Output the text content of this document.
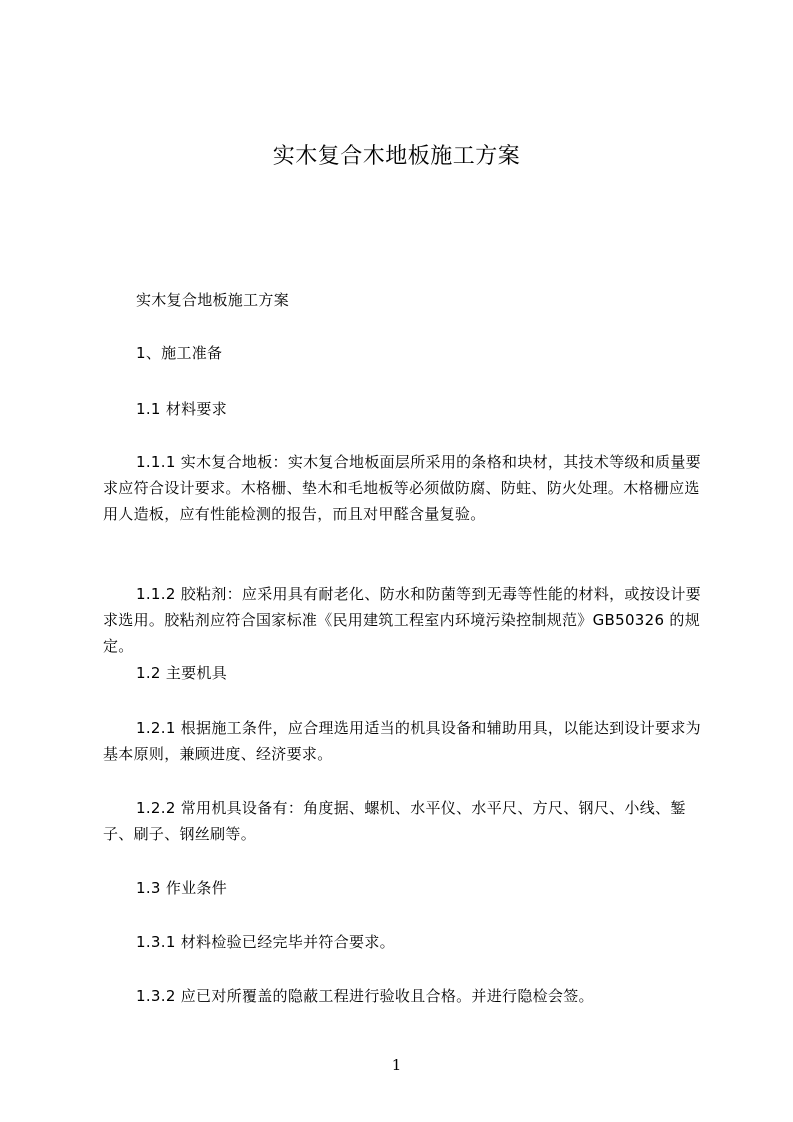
实木复合木地板施工方案
实木复合地板施工方案
1、施工准备
1.1 材料要求
1.1.1 实木复合地板：实木复合地板面层所采用的条格和块材，其技术等级和质量要求应符合设计要求。木格栅、垫木和毛地板等必须做防腐、防蛀、防火处理。木格栅应选用人造板，应有性能检测的报告，而且对甲醛含量复验。
1.1.2 胶粘剂：应采用具有耐老化、防水和防菌等到无毒等性能的材料，或按设计要求选用。胶粘剂应符合国家标准《民用建筑工程室内环境污染控制规范》GB50326 的规定。
1.2 主要机具
1.2.1 根据施工条件，应合理选用适当的机具设备和辅助用具，以能达到设计要求为基本原则，兼顾进度、经济要求。
1.2.2 常用机具设备有：角度据、螺机、水平仪、水平尺、方尺、钢尺、小线、錾子、刷子、钢丝刷等。
1.3 作业条件
1.3.1 材料检验已经完毕并符合要求。
1.3.2 应已对所覆盖的隐蔽工程进行验收且合格。并进行隐检会签。
1
